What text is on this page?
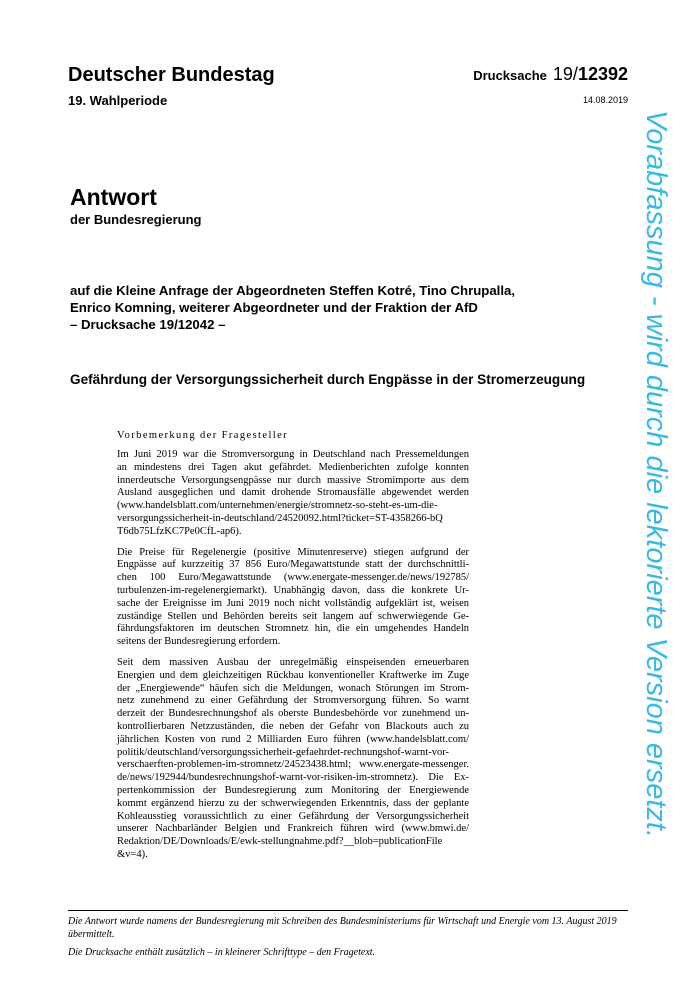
Deutscher Bundestag
19. Wahlperiode
Drucksache 19/12392
14.08.2019
Antwort
der Bundesregierung
auf die Kleine Anfrage der Abgeordneten Steffen Kotré, Tino Chrupalla,
Enrico Komning, weiterer Abgeordneter und der Fraktion der AfD
– Drucksache 19/12042 –
Gefährdung der Versorgungssicherheit durch Engpässe in der Stromerzeugung
Vorbemerkung der Fragesteller
Im Juni 2019 war die Stromversorgung in Deutschland nach Pressemeldungen
an mindestens drei Tagen akut gefährdet. Medienberichten zufolge konnten
innerdeutsche Versorgungsengpässe nur durch massive Stromimporte aus dem
Ausland ausgeglichen und damit drohende Stromausfälle abgewendet werden
(www.handelsblatt.com/unternehmen/energie/stromnetz-so-steht-es-um-die-
versorgungssicherheit-in-deutschland/24520092.html?ticket=ST-4358266-bQ
T6db75LfzKC7Pe0CfL-ap6).
Die Preise für Regelenergie (positive Minutenreserve) stiegen aufgrund der
Engpässe auf kurzzeitig 37 856 Euro/Megawattstunde statt der durchschnittli-
chen 100 Euro/Megawattstunde (www.energate-messenger.de/news/192785/
turbulenzen-im-regelenergiemarkt). Unabhängig davon, dass die konkrete Ur-
sache der Ereignisse im Juni 2019 noch nicht vollständig aufgeklärt ist, weisen
zuständige Stellen und Behörden bereits seit langem auf schwerwiegende Ge-
fährdungsfaktoren im deutschen Stromnetz hin, die ein umgehendes Handeln
seitens der Bundesregierung erfordern.
Seit dem massiven Ausbau der unregelmäßig einspeisenden erneuerbaren
Energien und dem gleichzeitigen Rückbau konventioneller Kraftwerke im Zuge
der „Energiewende“ häufen sich die Meldungen, wonach Störungen im Strom-
netz zunehmend zu einer Gefährdung der Stromversorgung führen. So warnt
derzeit der Bundesrechnungshof als oberste Bundesbehörde vor zunehmend un-
kontrollierbaren Netzzuständen, die neben der Gefahr von Blackouts auch zu
jährlichen Kosten von rund 2 Milliarden Euro führen (www.handelsblatt.com/
politik/deutschland/versorgungssicherheit-gefaehrdet-rechnungshof-warnt-vor-
verschaerften-problemen-im-stromnetz/24523438.html; www.energate-messenger.
de/news/192944/bundesrechnungshof-warnt-vor-risiken-im-stromnetz). Die Ex-
pertenkommission der Bundesregierung zum Monitoring der Energiewende
kommt ergänzend hierzu zu der schwerwiegenden Erkenntnis, dass der geplante
Kohleausstieg voraussichtlich zu einer Gefährdung der Versorgungssicherheit
unserer Nachbarländer Belgien und Frankreich führen wird (www.bmwi.de/
Redaktion/DE/Downloads/E/ewk-stellungnahme.pdf?__blob=publicationFile
&v=4).

Die Antwort wurde namens der Bundesregierung mit Schreiben des Bundesministeriums für Wirtschaft und Energie vom 13. August 2019 übermittelt.

Die Drucksache enthält zusätzlich – in kleinerer Schrifttype – den Fragetext.

Vorabfassung - wird durch die lektorierte Version ersetzt.
